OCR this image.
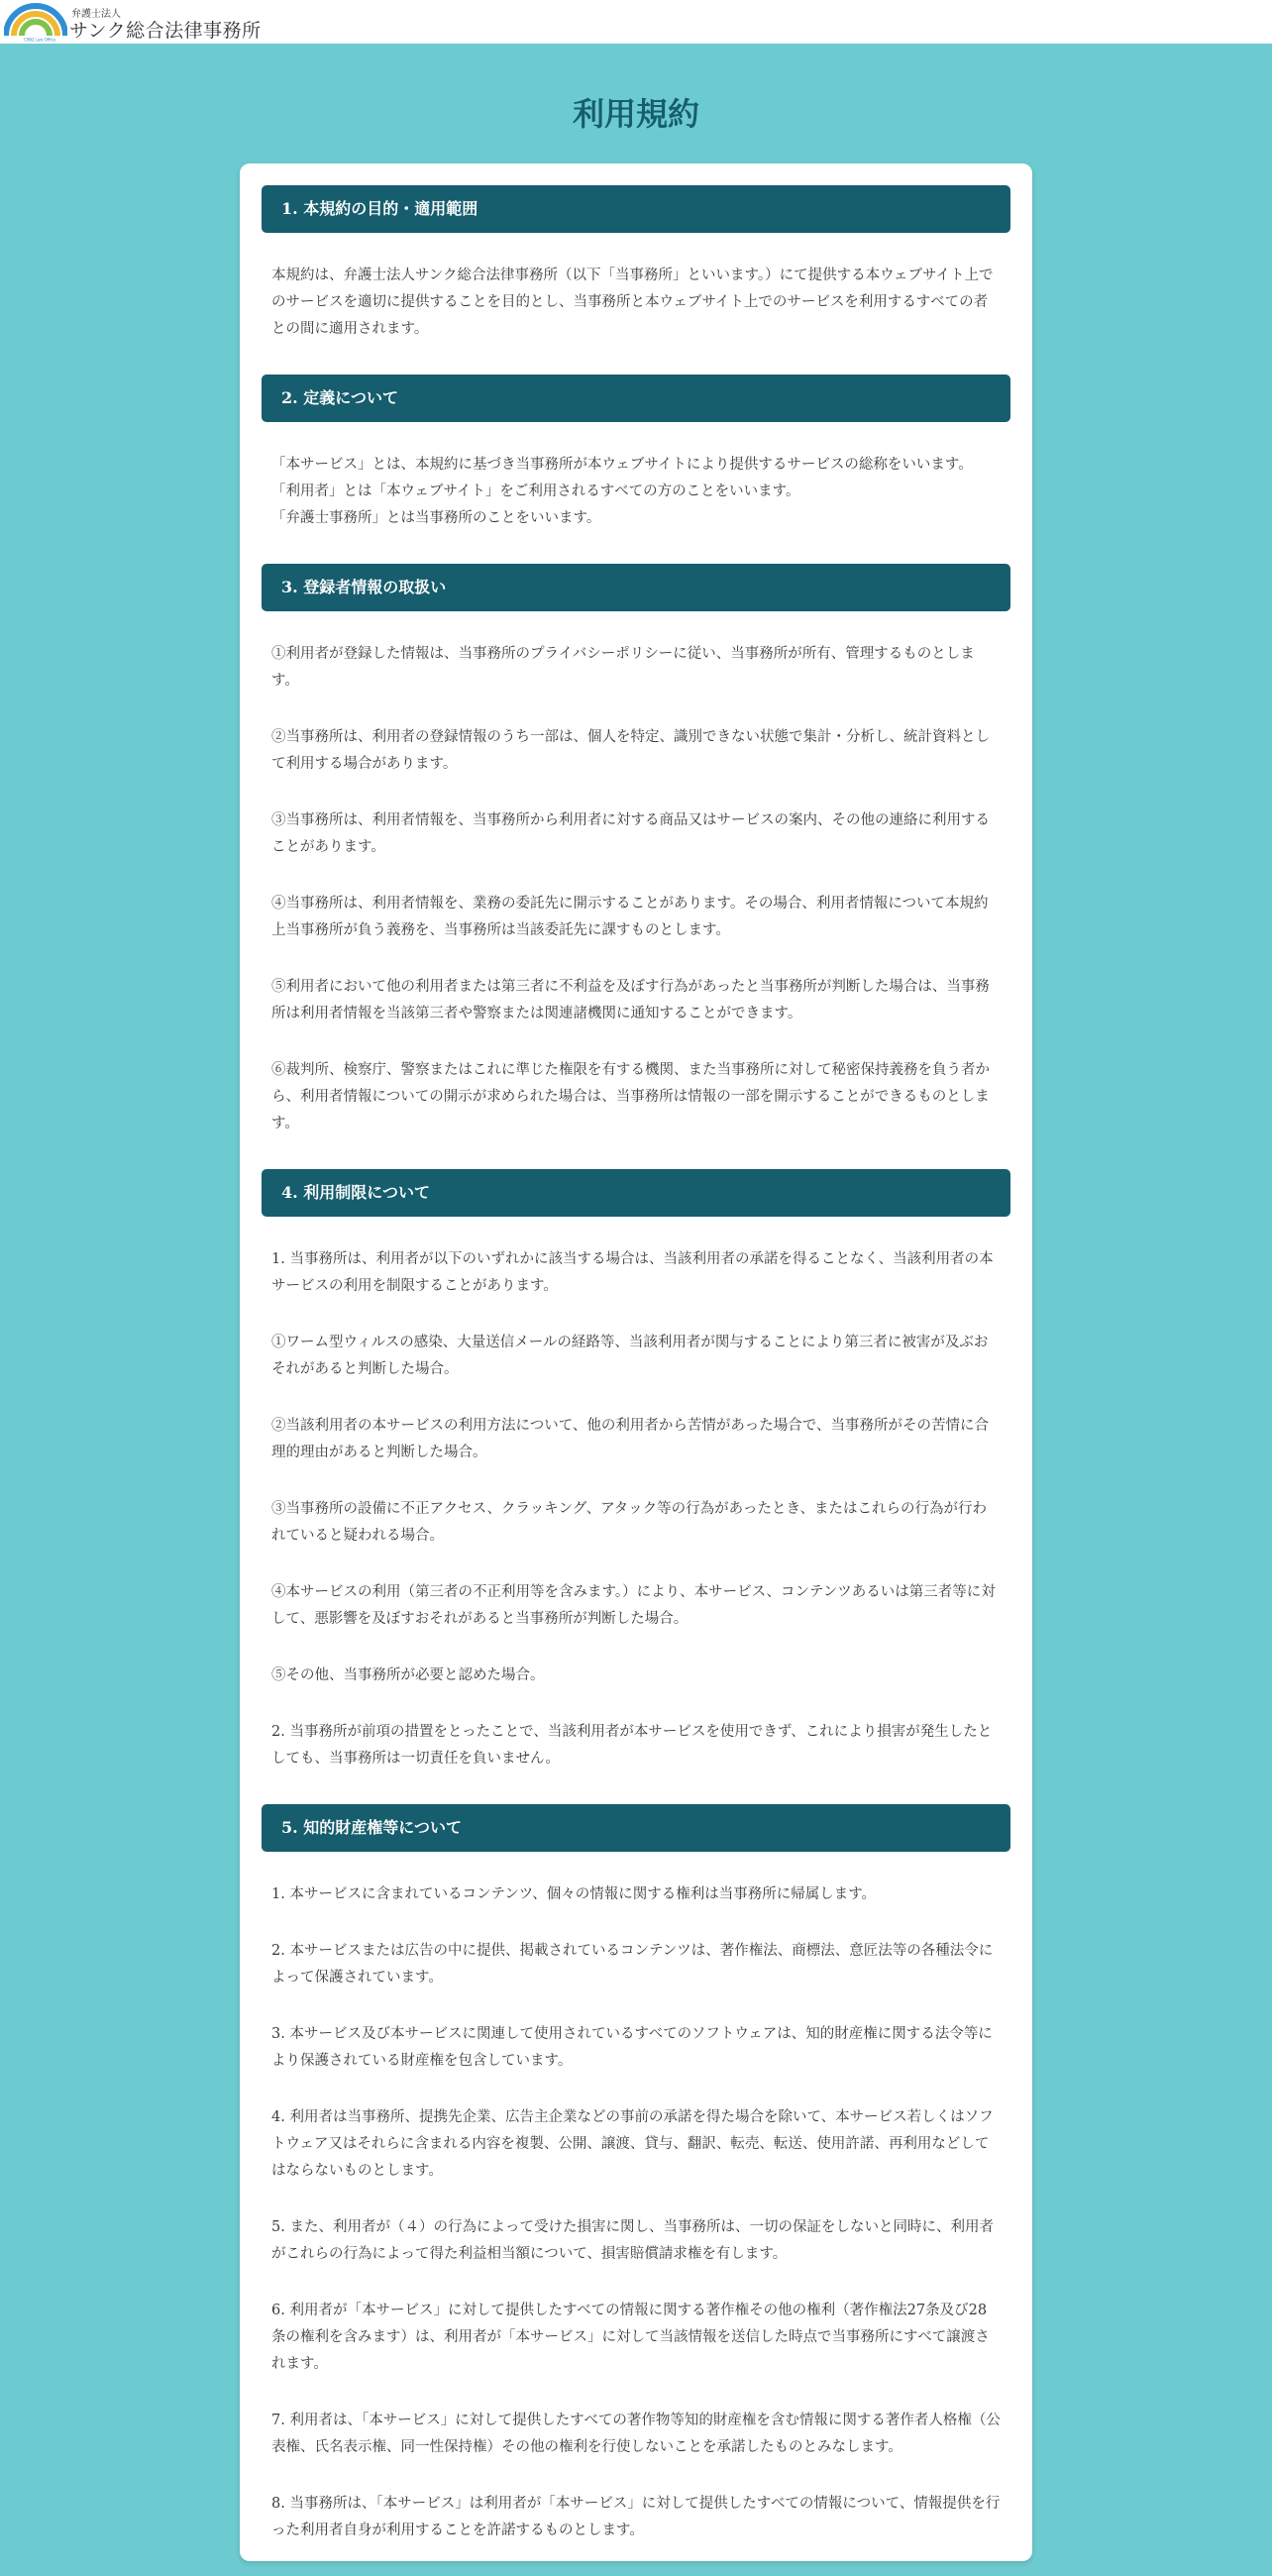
CINQ Law Office
弁護士法人
サンク総合法律事務所
利用規約
1. 本規約の目的・適用範囲

本規約は、弁護士法人サンク総合法律事務所（以下「当事務所」といいます。）にて提供する本ウェブサイト上でのサービスを適切に提供することを目的とし、当事務所と本ウェブサイト上でのサービスを利用するすべての者との間に適用されます。

2. 定義について

「本サービス」とは、本規約に基づき当事務所が本ウェブサイトにより提供するサービスの総称をいいます。

「利用者」とは「本ウェブサイト」をご利用されるすべての方のことをいいます。

「弁護士事務所」とは当事務所のことをいいます。

3. 登録者情報の取扱い

①利用者が登録した情報は、当事務所のプライバシーポリシーに従い、当事務所が所有、管理するものとします。

②当事務所は、利用者の登録情報のうち一部は、個人を特定、識別できない状態で集計・分析し、統計資料として利用する場合があります。

③当事務所は、利用者情報を、当事務所から利用者に対する商品又はサービスの案内、その他の連絡に利用することがあります。

④当事務所は、利用者情報を、業務の委託先に開示することがあります。その場合、利用者情報について本規約上当事務所が負う義務を、当事務所は当該委託先に課すものとします。

⑤利用者において他の利用者または第三者に不利益を及ぼす行為があったと当事務所が判断した場合は、当事務所は利用者情報を当該第三者や警察または関連諸機関に通知することができます。

⑥裁判所、検察庁、警察またはこれに準じた権限を有する機関、また当事務所に対して秘密保持義務を負う者から、利用者情報についての開示が求められた場合は、当事務所は情報の一部を開示することができるものとします。

4. 利用制限について

1. 当事務所は、利用者が以下のいずれかに該当する場合は、当該利用者の承諾を得ることなく、当該利用者の本サービスの利用を制限することがあります。

①ワーム型ウィルスの感染、大量送信メールの経路等、当該利用者が関与することにより第三者に被害が及ぶおそれがあると判断した場合。

②当該利用者の本サービスの利用方法について、他の利用者から苦情があった場合で、当事務所がその苦情に合理的理由があると判断した場合。

③当事務所の設備に不正アクセス、クラッキング、アタック等の行為があったとき、またはこれらの行為が行われていると疑われる場合。

④本サービスの利用（第三者の不正利用等を含みます。）により、本サービス、コンテンツあるいは第三者等に対して、悪影響を及ぼすおそれがあると当事務所が判断した場合。

⑤その他、当事務所が必要と認めた場合。

2. 当事務所が前項の措置をとったことで、当該利用者が本サービスを使用できず、これにより損害が発生したとしても、当事務所は一切責任を負いません。

5. 知的財産権等について

1. 本サービスに含まれているコンテンツ、個々の情報に関する権利は当事務所に帰属します。

2. 本サービスまたは広告の中に提供、掲載されているコンテンツは、著作権法、商標法、意匠法等の各種法令によって保護されています。

3. 本サービス及び本サービスに関連して使用されているすべてのソフトウェアは、知的財産権に関する法令等により保護されている財産権を包含しています。

4. 利用者は当事務所、提携先企業、広告主企業などの事前の承諾を得た場合を除いて、本サービス若しくはソフトウェア又はそれらに含まれる内容を複製、公開、譲渡、貸与、翻訳、転売、転送、使用許諾、再利用などしてはならないものとします。

5. また、利用者が（４）の行為によって受けた損害に関し、当事務所は、一切の保証をしないと同時に、利用者がこれらの行為によって得た利益相当額について、損害賠償請求権を有します。

6. 利用者が「本サービス」に対して提供したすべての情報に関する著作権その他の権利（著作権法27条及び28条の権利を含みます）は、利用者が「本サービス」に対して当該情報を送信した時点で当事務所にすべて譲渡されます。

7. 利用者は、「本サービス」に対して提供したすべての著作物等知的財産権を含む情報に関する著作者人格権（公表権、氏名表示権、同一性保持権）その他の権利を行使しないことを承諾したものとみなします。

8. 当事務所は、「本サービス」は利用者が「本サービス」に対して提供したすべての情報について、情報提供を行った利用者自身が利用することを許諾するものとします。
